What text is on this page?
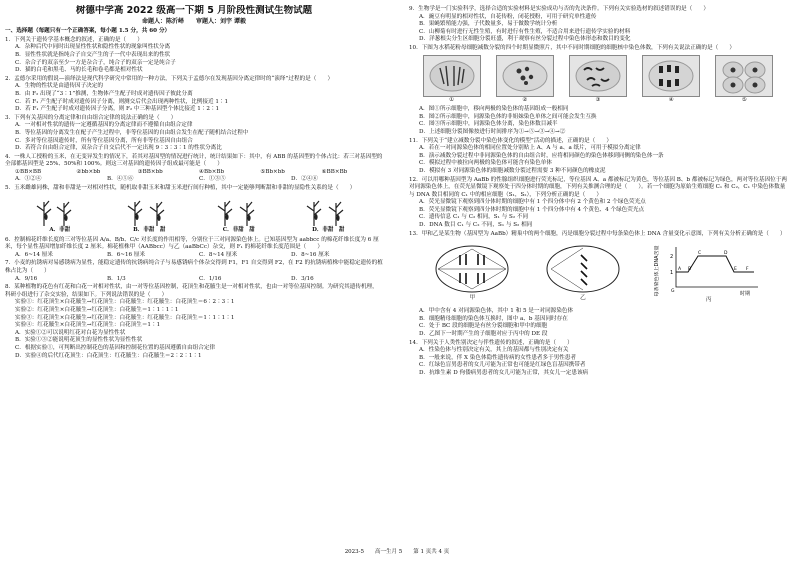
树德中学高 2022 级高一下期 5 月阶段性测试生物试题
命题人：陈沂峄　　审题人：刘宇 谭毅
一、选择题（每题只有一个正确答案，每小题 1.5 分，共 60 分）
1．下列关于遗传学基本概念的叙述，正确的是（　　）
A．杂种后代中同时出现显性性状和隐性性状的现象叫性状分离
B．显性性状就是指纯合子自交产生的子一代中表现出来的性状
C．杂合子的双亲至少一方是杂合子，纯合子的双亲一定是纯合子
D．猫的白毛和黑毛、马的长毛和卷毛都是相对性状
2．孟德尔采用的假说—演绎法是现代科学研究中常用的一种方法，下列关于孟德尔在发现基因分离定律时的“演绎”过程的是（　　）
A．生物的性状是由遗传因子决定的
B．由 F₂ 出现了“3∶1”推测，生物体产生配子时成对遗传因子彼此分离
C．若 F₁ 产生配子时成对遗传因子分离，则测交后代会出现两种性状，比例接近 1∶1
D．若 F₁ 产生配子时成对遗传因子分离，则 F₂ 中三种基因型个体比接近 1∶2∶1
3．下列有关基因的分离定律和自由组合定律的说法正确的是（　　）
A．一对相对性状的遗传一定遵循基因的分离定律而不遵循自由组合定律
B．等位基因的分离发生在配子产生过程中，非等位基因的自由组合发生在配子随机结合过程中
C．多对等位基因遗传时，所有等位基因分离，所有非等位基因自由组合
D．若符合自由组合定律，双杂合子自交后代不一定出现 9∶3∶3∶1 的性状分离比
4．一株人工授粉的玉米，在无变异发生的情况下，若其对基因型的情况进行统计，统计结果如下：其中，有 ABB 的基因型的个体占比：若三对基因型的全部都基因型是 25%、50%和 100%。则这三对基因的遗传因子组成最可能是（　　）
①BB×BB	②bb×bb	③BB×bb	④Bb×Bb	⑤Bb×bb	⑥BB×Bb
A．①②④	B．④⑤⑥	C．①③⑤	D．②④⑥
5．玉米雌雄同株，甜和非甜是一对相对性状，随机取非甜玉米和甜玉米进行间行种植，其中一定能够判断甜和非甜的显隐性关系的是（　　）
A．非甜	B．非甜　甜	C．非甜　甜	D．非甜　甜
6．控制棉花纤维长度的三对等位基因 A/a、B/b、C/c 对长度的作用相等，分别位于三对同源染色体上。已知基因型为 aabbcc 的棉花纤维长度为 6 厘米，每个显性基因增加纤维长度 2 厘米。棉花植株甲（AABbcc）与乙（aaBbCc）杂交，则 F₁ 的棉花纤维长度范围是（　　）
A．6~14 厘米	B．6~16 厘米	C．8~14 厘米	D．8~16 厘米
7．小麦的抗锈病对易感锈病为显性，能稳定遗传的抗锈病纯合子与易感锈病个体杂交得到 F1，F1 自交得到 F2，在 F2 的抗锈病植株中能稳定遗传的植株占比为（　　）
A．9/16	B．1/3	C．1/16	D．3/16
8．某种植物的花色有红花和白花一对相对性状，由一对等位基因控制，花顶生和花腋生是一对相对性状，也由一对等位基因控制。为研究其遗传机理，科研小组进行了杂交实验，结果如下。下列说法错误的是（　　）
实验①：红花顶生×白花腋生→红花顶生：白花腋生：红花腋生：白花顶生＝6∶2∶3∶1
实验②：红花顶生×白花腋生→红花顶生：白花腋生＝1∶1∶1∶1
实验③：红花顶生×白花腋生→红花顶生：白花腋生：红花腋生：白花顶生＝1∶1∶1∶1
实验④：红花腋生×白花顶生→红花顶生：白花顶生＝1∶1
A．实验①②可以说明红花对白花为显性性状
B．实验①③②能说明花顶生的显性性状为显性性状
C．根据实验①，可判断出控制花色的基因和控制花位置的基因遵循自由组合定律
D．实验④的后代红花顶生：白花顶生：红花腋生：白花腋生＝2∶2∶1∶1
9．生物学是一门实验科学，选择合适的实验材料是实验成功与否的先决条件。下列有关实验选材的叙述错误的是（　　）
A．豌豆有明显的相对性状，自花传粉，闭花授粉，可用于研究单性遗传
B．果蝇繁殖能力强，子代数量多，易于做数学统计分析
C．山柳菊有时进行无性生殖，有时进行有性生殖，不适合用来进行遗传学实验的材料
D．洋葱根尖分生区细胞分裂旺盛，利于观察有丝分裂过程中染色体形态和数目的变化
10．下图为水稻花粉母细胞减数分裂的四个时期显微照片，其中不同时期细胞的细胞核中染色体数，下列有关说法正确的是（　　）
①	②	③	④	⑤
A．图①所示细胞中，移向两极的染色体的基因组成一般相同
B．图②所示细胞中，同源染色体的非姐妹染色单体之间可能会发生互换
C．图③所示细胞中，同源染色体分离，染色体数目减半
D．上述细胞分裂图像按进行时间排序为①→⑤→③→④→②
11．下列关于“建立减数分裂中染色体变化的模型”活动的描述，正确的是（　　）
A．若在一对同源染色体的相同位置处分别贴上 A、A 与 a、a 纸片，可用于模拟分离定律
B．演示减数分裂过程中非同源染色体的自由组合时，应将相同颜色的染色体移到同侧的染色体一条
C．模拟过程中被拉向两极的染色体可能含有染色单体
D．模拟有 3 对同源染色体的细胞减数分裂过程需要 3 种不同颜色的橡皮泥
12．可以用哪种基因型为 AaBb 的性腺组织细胞进行荧光标记，等位基因 A、a 都被标记为黄色，等位基因 B、b 都被标记为绿色，两对等位基因位于两对同源染色体上，在荧光显微镜下观察处于四分体时期的细胞，下列有关推测合理的是（　　）。若一个细胞为原始生殖细胞 C₁ 和 C₂，C₁ 中染色体数量与 DNA 数目相同的 C₁ 中的相应细胞（S₁，S₂），下列分析正确的是（　　）
A．荧光显微镜下观察到四分体时期的细胞中有 1 个四分体中有 2 个黄色和 2 个绿色荧光点
B．荧光显微镜下观察到四分体时期的细胞中有 1 个四分体中有 4 个黄色、4 个绿色荧光点
C．遗传信息 C₁ 与 C₂ 相同，S₁ 与 S₂ 不同
D．DNA 数目 C₁ 与 C₂ 不同，S₁ 与 S₂ 相同
13．甲和乙是某生物（基因型为 AaBb）精巢中的两个细胞，丙是细胞分裂过程中每条染色体上 DNA 含量变化示意图，下列有关分析正确的是（　　）
甲	乙
每条染色体上DNA含量 2
1
A B
C	D
E F
G	时期
丙
A．甲中含有 4 对同源染色体，其中 1 和 5 是一对同源染色体
B．细胞精母细胞的染色体互换时，图中 a、b 基因同时存在
C．处于 BC 段的细胞是有丝分裂细胞和甲中的细胞
D．乙图下一时期产生的子细胞对应于丙中的 DE 段
14．下列关于人类性别决定与伴性遗传的叙述，正确的是（　　）
A．性染色体与性别决定有关，其上的基因都与性别决定有关
B．一般来说，伴 X 染色体隐性遗传病的女性患者多于男性患者
C．红绿色盲男患者的女儿可能为正常也可能是红绿色盲基因携带者
D．抗维生素 D 佝偻病男患者的女儿可能为正常，其女儿一定患该病
2023-5　　高一生月 5　　第 1 页共 4 页
